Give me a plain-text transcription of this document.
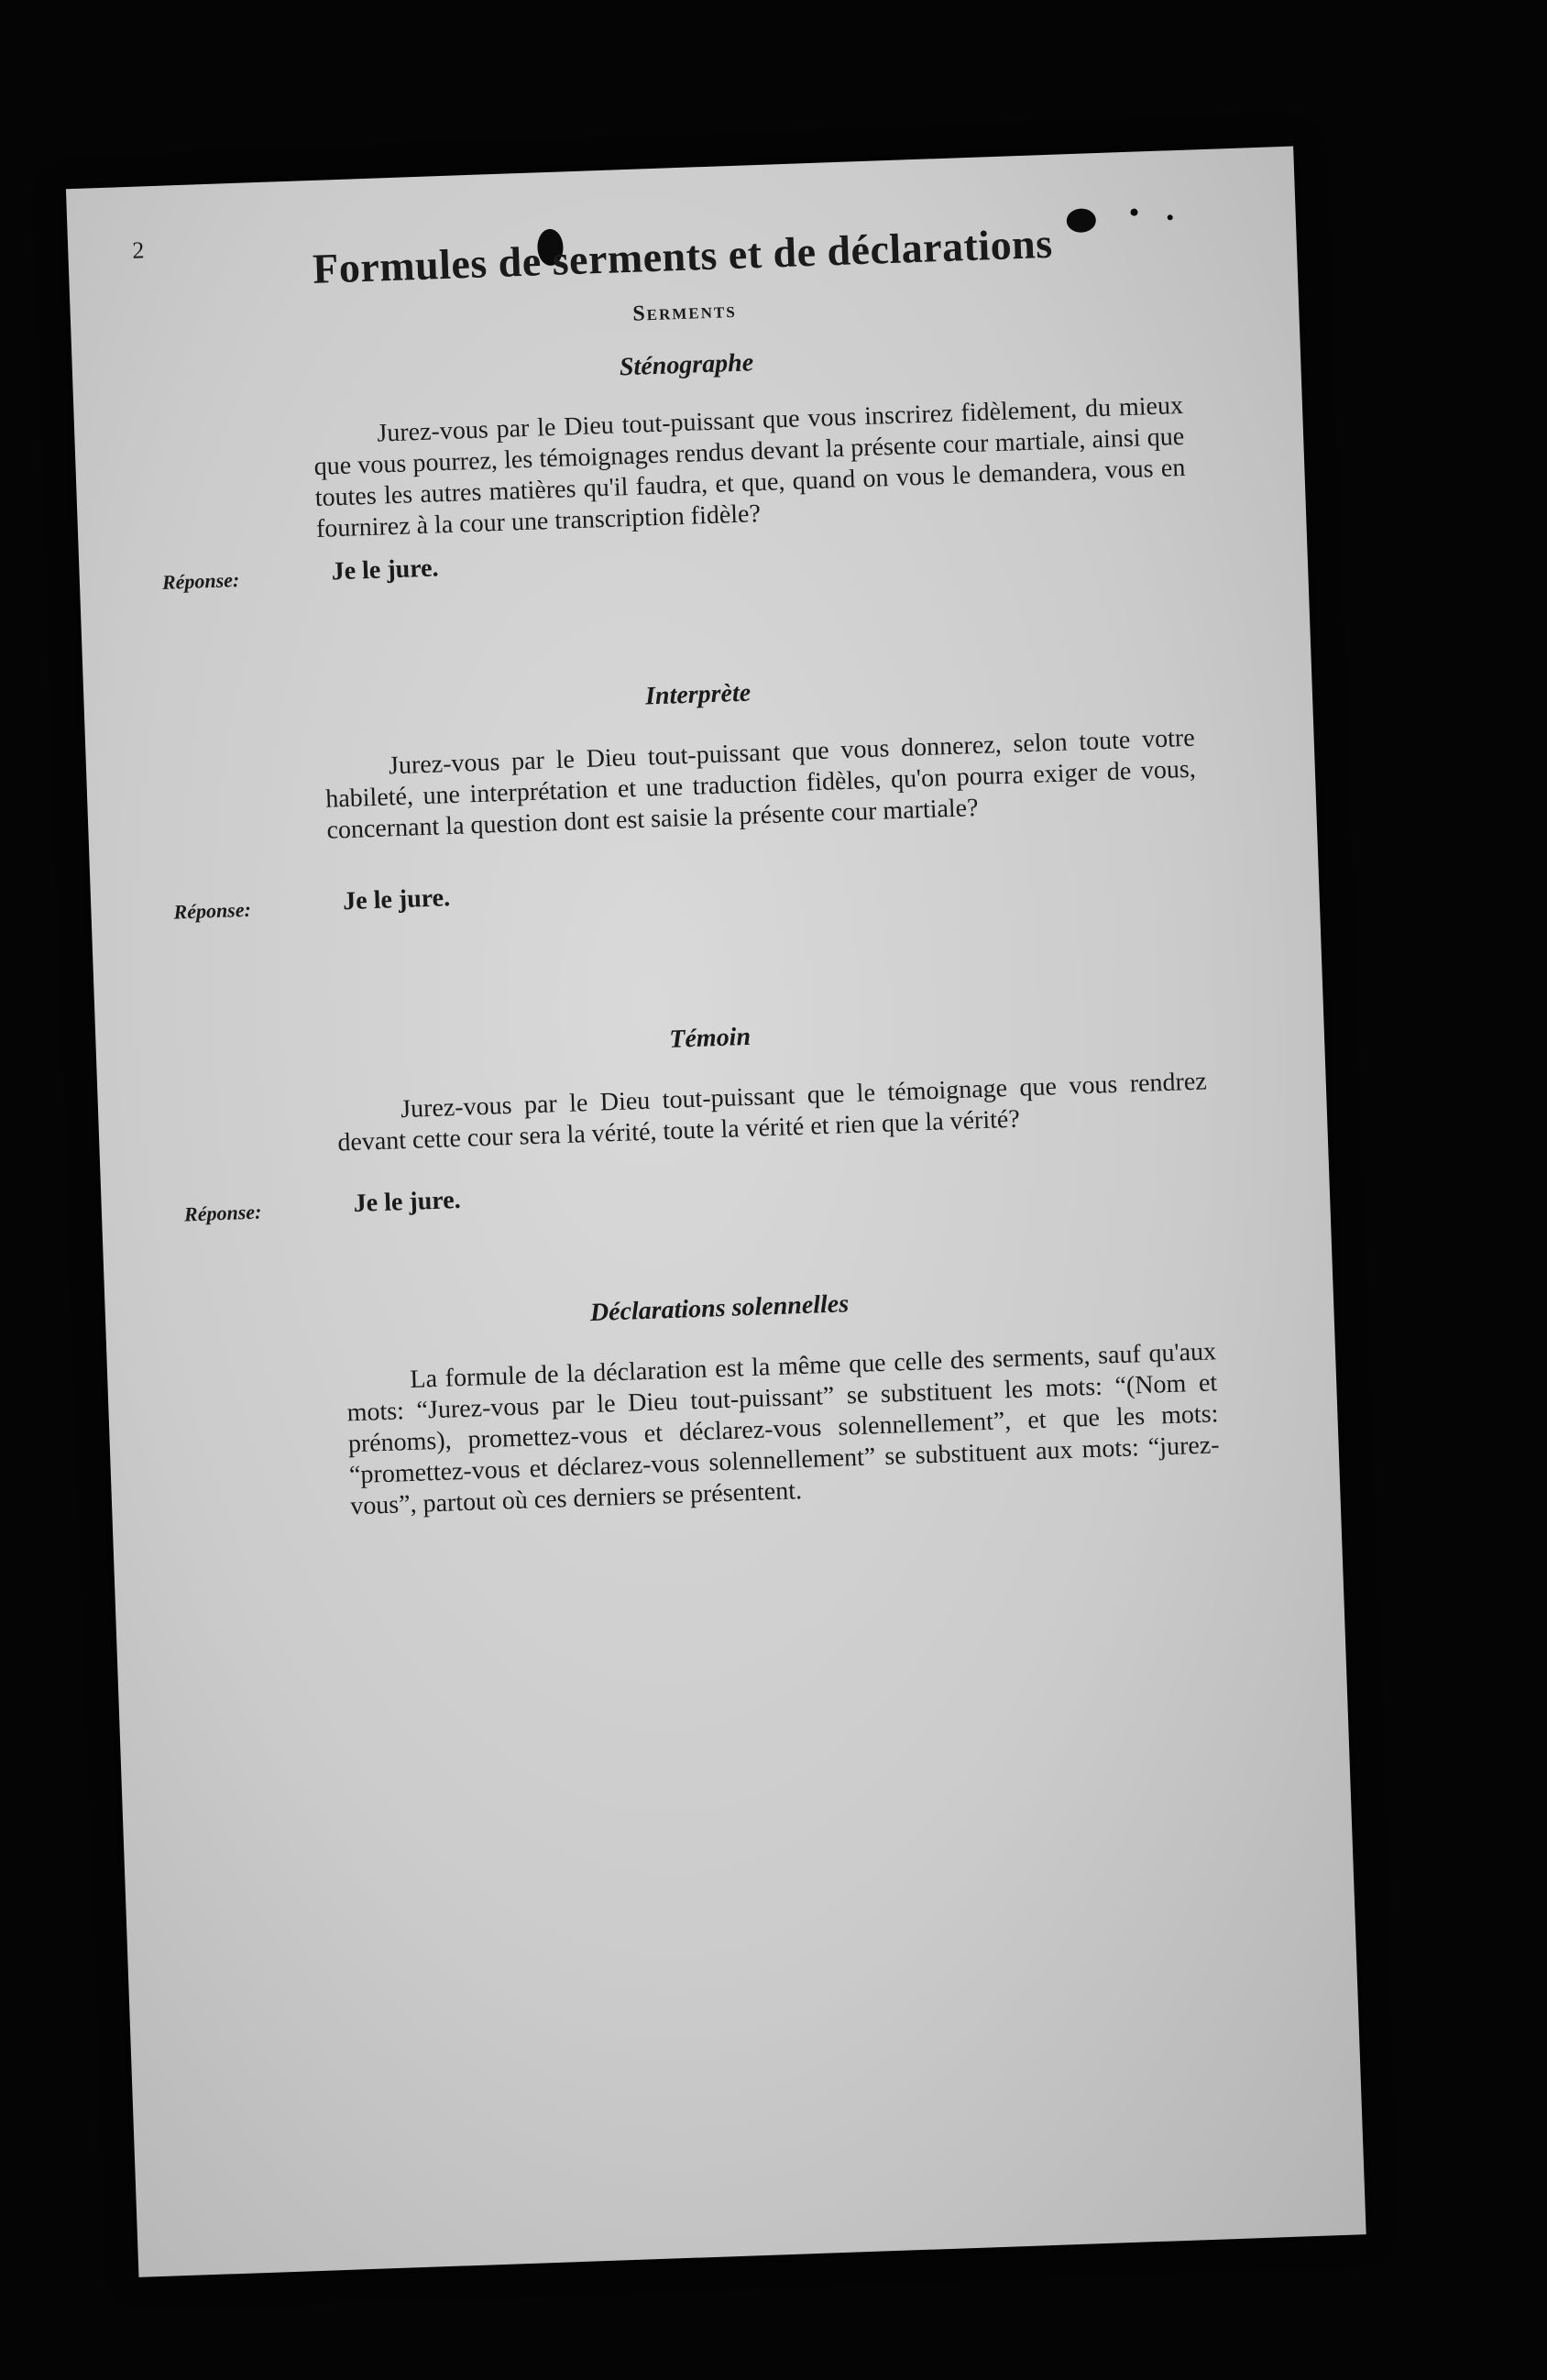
2	Formules de serments et de déclarations
Serments
Sténographe
Jurez-vous par le Dieu tout-puissant que vous inscrirez fidèlement, du mieux que vous pourrez, les témoignages rendus devant la présente cour martiale, ainsi que toutes les autres matières qu'il faudra, et que, quand on vous le demandera, vous en fournirez à la cour une transcription fidèle?
Réponse:	Je le jure.
Interprète
Jurez-vous par le Dieu tout-puissant que vous donnerez, selon toute votre habileté, une interprétation et une traduction fidèles, qu'on pourra exiger de vous, concernant la question dont est saisie la présente cour martiale?
Réponse:	Je le jure.
Témoin
Jurez-vous par le Dieu tout-puissant que le témoignage que vous rendrez devant cette cour sera la vérité, toute la vérité et rien que la vérité?
Réponse:	Je le jure.
Déclarations solennelles
La formule de la déclaration est la même que celle des serments, sauf qu'aux mots: “Jurez-vous par le Dieu tout-puissant” se substituent les mots: “(Nom et prénoms), promettez-vous et déclarez-vous solennellement”, et que les mots: “promettez-vous et déclarez-vous solennellement” se substituent aux mots: “jurez-vous”, partout où ces derniers se présentent.
